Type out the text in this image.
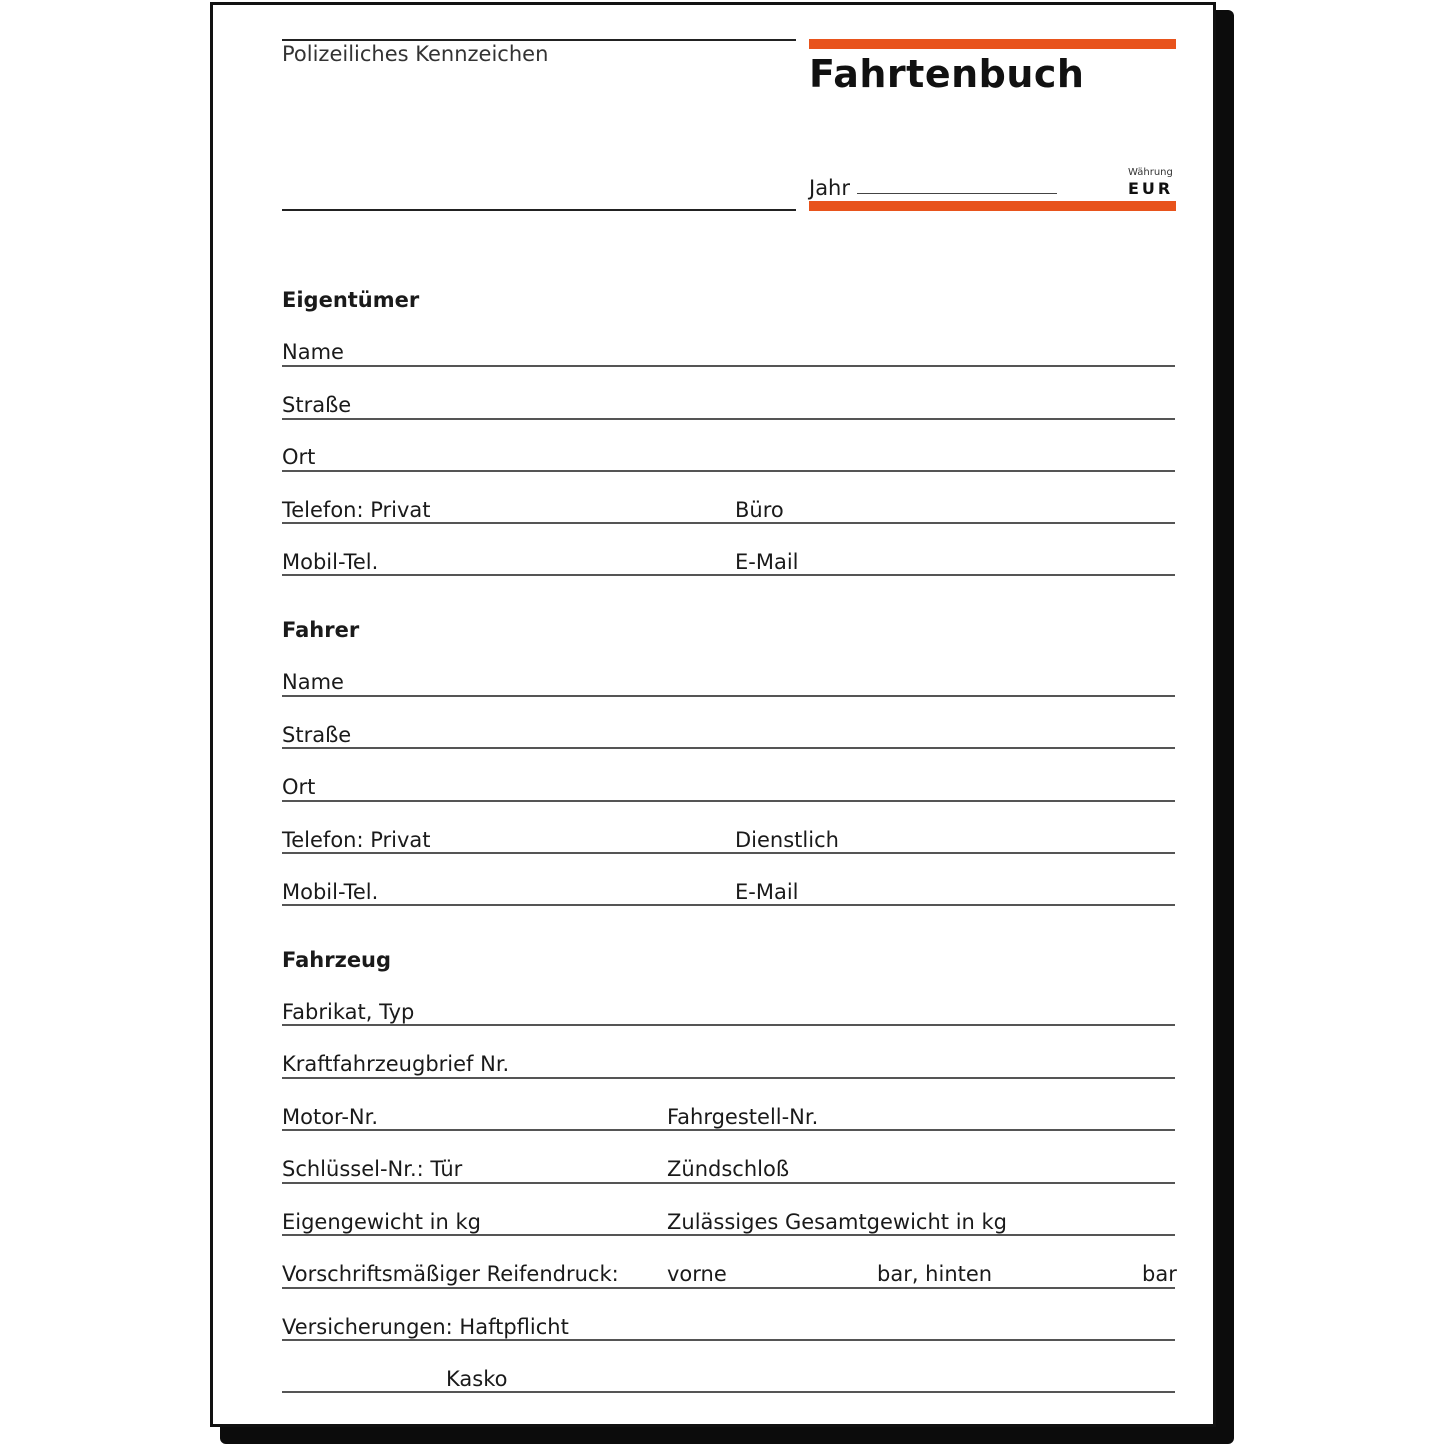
Polizeiliches Kennzeichen	Fahrtenbuch
Jahr
Währung
EUR
Eigentümer
Name
Straße
Ort
Telefon: Privat	Büro
Mobil-Tel.	E-Mail
Fahrer
Name
Straße
Ort
Telefon: Privat	Dienstlich
Mobil-Tel.	E-Mail
Fahrzeug
Fabrikat, Typ
Kraftfahrzeugbrief Nr.
Motor-Nr.	Fahrgestell-Nr.
Schlüssel-Nr.: Tür	Zündschloß
Eigengewicht in kg	Zulässiges Gesamtgewicht in kg
Vorschriftsmäßiger Reifendruck: vorne	bar, hinten	bar
Versicherungen: Haftpflicht
Kasko
